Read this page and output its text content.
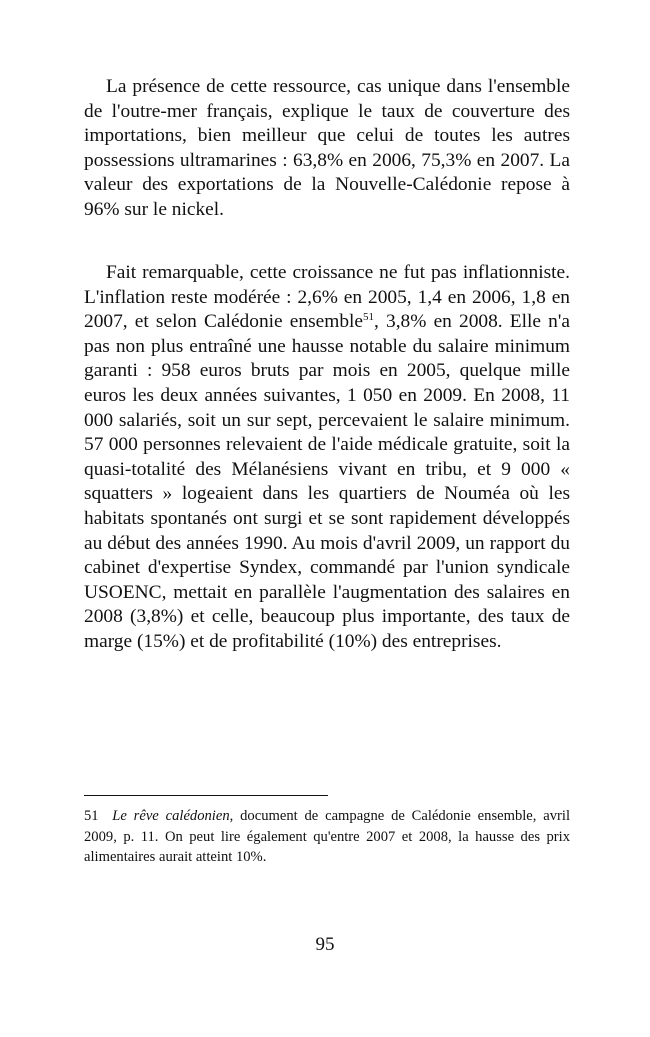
La présence de cette ressource, cas unique dans l'ensemble de l'outre-mer français, explique le taux de couverture des importations, bien meilleur que celui de toutes les autres possessions ultramarines : 63,8% en 2006, 75,3% en 2007. La valeur des exportations de la Nouvelle-Calédonie repose à 96% sur le nickel.

Fait remarquable, cette croissance ne fut pas inflationniste. L'inflation reste modérée : 2,6% en 2005, 1,4 en 2006, 1,8 en 2007, et selon Calédonie ensemble$^{51}$, 3,8% en 2008. Elle n'a pas non plus entraîné une hausse notable du salaire minimum garanti : 958 euros bruts par mois en 2005, quelque mille euros les deux années suivantes, 1 050 en 2009. En 2008, 11 000 salariés, soit un sur sept, percevaient le salaire minimum. 57 000 personnes relevaient de l'aide médicale gratuite, soit la quasi-totalité des Mélanésiens vivant en tribu, et 9 000 « squatters » logeaient dans les quartiers de Nouméa où les habitats spontanés ont surgi et se sont rapidement développés au début des années 1990. Au mois d'avril 2009, un rapport du cabinet d'expertise Syndex, commandé par l'union syndicale USOENC, mettait en parallèle l'augmentation des salaires en 2008 (3,8%) et celle, beaucoup plus importante, des taux de marge (15%) et de profitabilité (10%) des entreprises.

51 Le rêve calédonien, document de campagne de Calédonie ensemble, avril 2009, p. 11. On peut lire également qu'entre 2007 et 2008, la hausse des prix alimentaires aurait atteint 10%.

95
